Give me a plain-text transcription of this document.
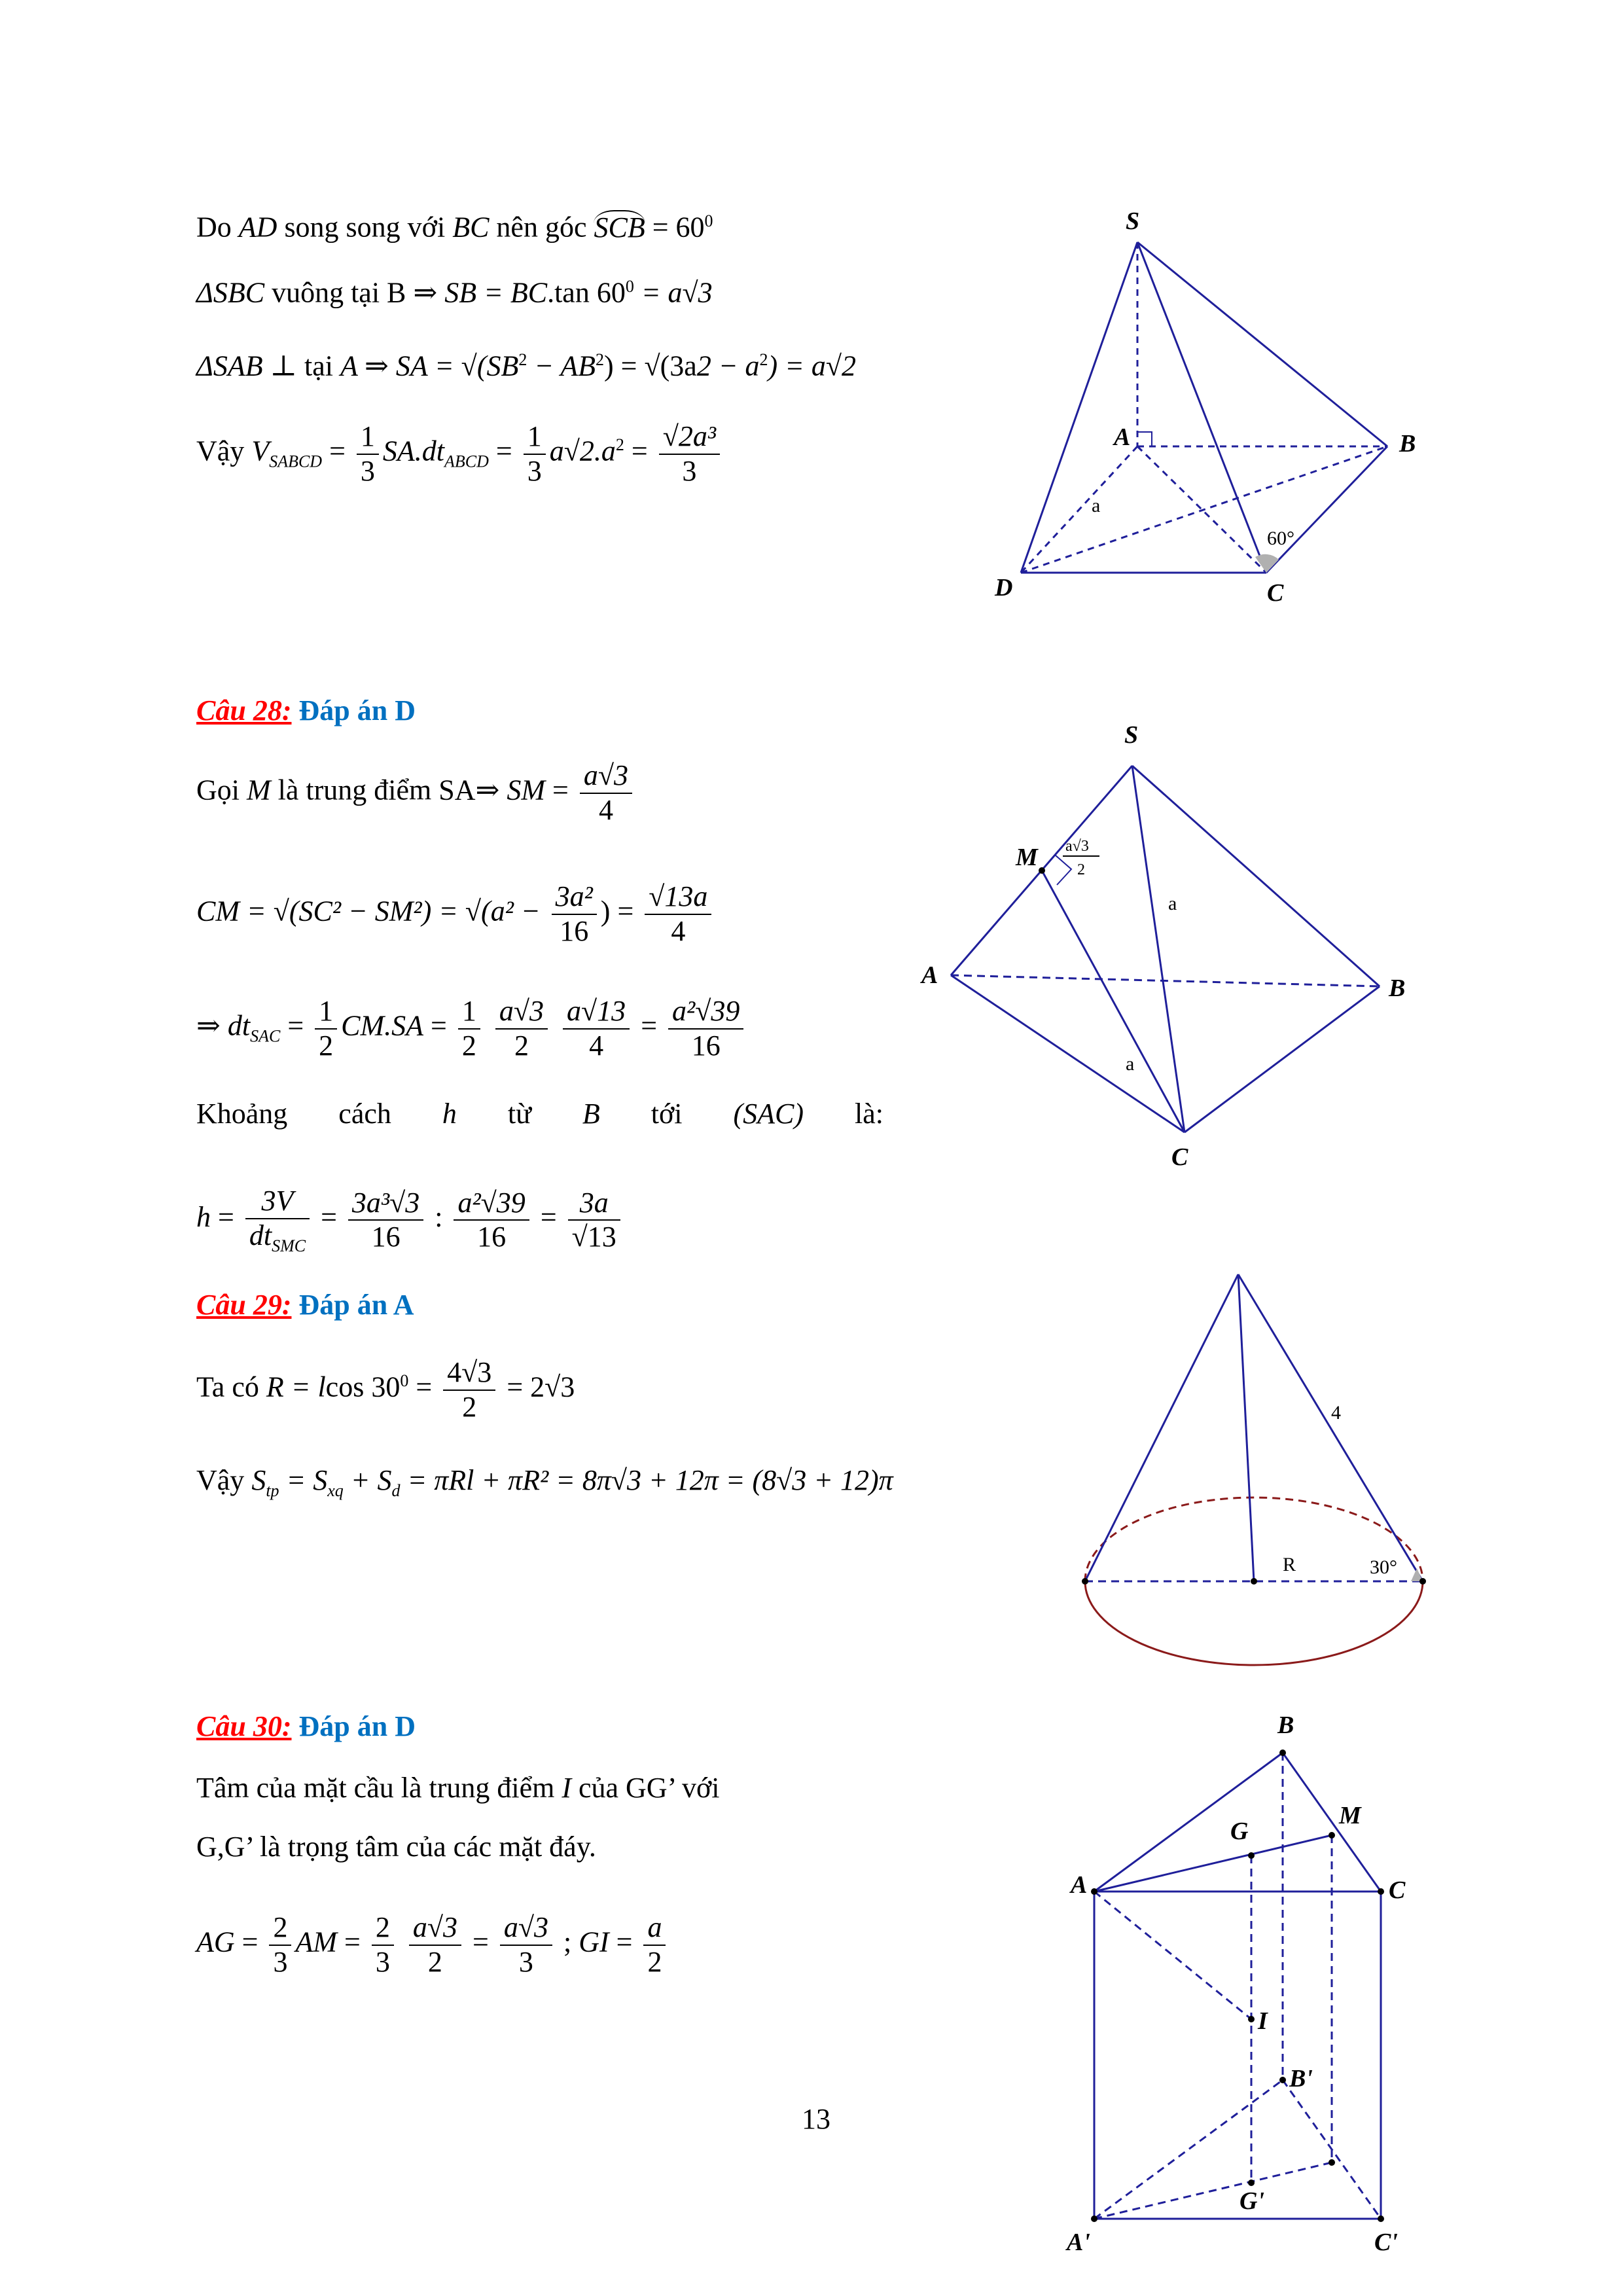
Do AD song song với BC nên góc SCB = $60^0$
ΔSBC vuông tại B ⇒ SB = BC.tan $60^0 = a√3$
ΔSAB ⊥ tại A ⇒ SA = $√(SB^2 - AB^2) = √(3a2 - a^2) = a√2$
Vậy $V_{SABCD} = \frac{1}{3} SA.dt_{ABCD} = \frac{1}{3} a√2.a^2 = \frac{\text{√2a³}}{3}$
S
A	B
C
D
a
60°
Câu 28: Đáp án D
Gọi M là trung điểm SA⇒ SM = $\frac{a√3}{4}$
CM = $√(SC^2 - SM^2) = √(a^2 - \frac{\text{3a²}}{16}$ ) = $\frac{√13a}{4}$
⇒ $dt_{SAC} = \frac{1}{2} CM.SA = \frac{1}{2}$
$\frac{a√3}{2}$
$\frac{a√13}{4} = \frac{\text{a²√39}}{16}$
Khoảng cách h từ B tới (SAC) là:
$h = \frac{3V}{dt_{SMC}} = \frac{\text{3a³√3}}{16}$ : $\frac{\text{a²√39}}{16} = \frac{3a}{√13}$
S
M
A	B
C
a√3
2
a
a
Câu 29: Đáp án A
Ta có R = lcos $30^0 = \frac{4√3}{2} = 2√3$
Vậy $S_{tp} = S_{xq} + S_d = \pi Rl + \pi R^2 = 8\pi√3 + 12\pi = (8√3 + 12)\pi$
4
R	30°
Câu 30: Đáp án D
Tâm của mặt cầu là trung điểm I của GG’ với
G,G’ là trọng tâm của các mặt đáy.
AG = $\frac{2}{3}$ AM = $\frac{2}{3}$
$\frac{a√3}{2} = \frac{a√3}{3}$ ; GI = $\frac{a}{2}$
B
M
G
A	C
I
B'
G'
A'	C'
13
